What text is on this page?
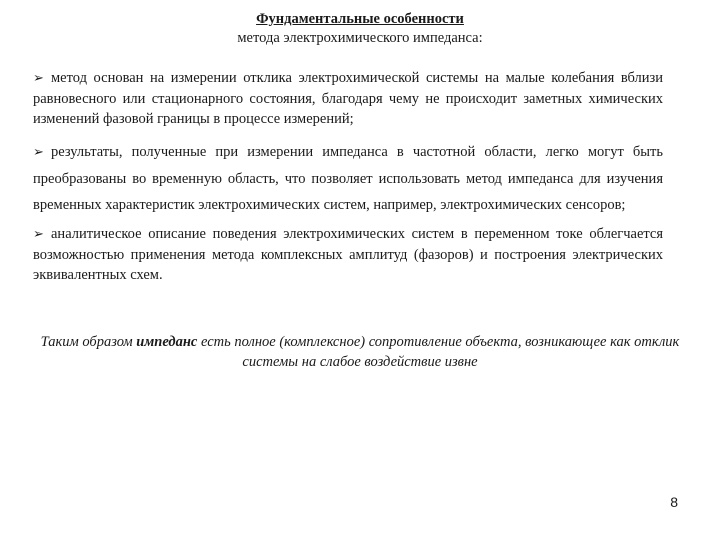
Фундаментальные особенности
метода электрохимического импеданса:
➢ метод основан на измерении отклика электрохимической системы на малые колебания вблизи равновесного или стационарного состояния, благодаря чему не происходит заметных химических изменений фазовой границы в процессе измерений;
➢ результаты, полученные при измерении импеданса в частотной области, легко могут быть преобразованы во временную область, что позволяет использовать метод импеданса для изучения временных характеристик электрохимических систем, например, электрохимических сенсоров;
➢ аналитическое описание поведения электрохимических систем в переменном токе облегчается возможностью применения метода комплексных амплитуд (фазоров) и построения электрических эквивалентных схем.
Таким образом импеданс есть полное (комплексное) сопротивление объекта, возникающее как отклик системы на слабое воздействие извне
8
